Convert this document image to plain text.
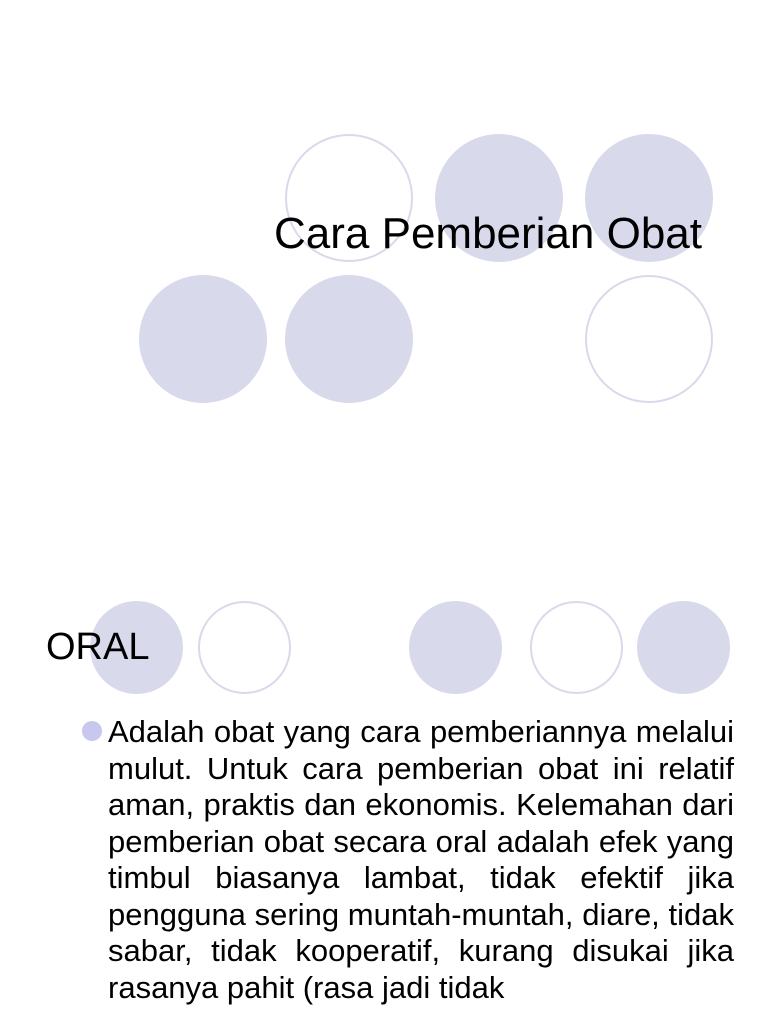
Cara Pemberian Obat
ORAL
Adalah obat yang cara pemberiannya melalui mulut. Untuk cara pemberian obat ini relatif aman, praktis dan ekonomis. Kelemahan dari pemberian obat secara oral adalah efek yang timbul biasanya lambat, tidak efektif jika pengguna sering muntah-muntah, diare, tidak sabar, tidak kooperatif, kurang disukai jika rasanya pahit (rasa jadi tidak
